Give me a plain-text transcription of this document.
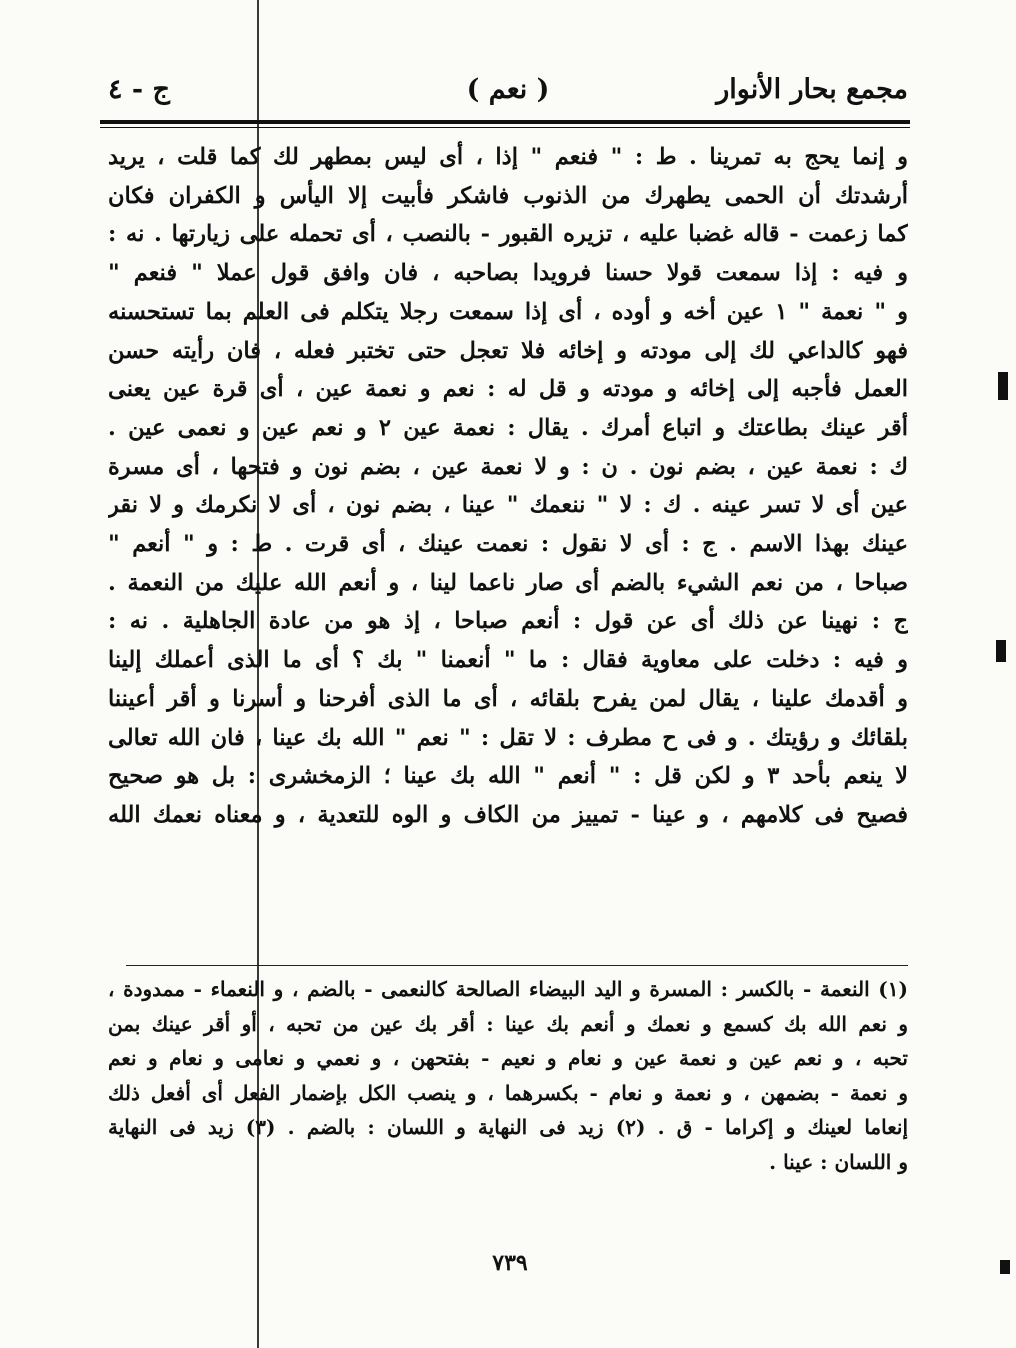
مجمع بحار الأنوار
( نعم )
ج - ٤
و إنما يحج به تمرينا . ط : " فنعم " إذا ، أى ليس بمطهر لك كما قلت ، يريد
أرشدتك أن الحمى يطهرك من الذنوب فاشكر فأبيت إلا اليأس و الكفران فكان
كما زعمت - قاله غضبا عليه ، تزيره القبور - بالنصب ، أى تحمله على زيارتها . نه :
و فيه : إذا سمعت قولا حسنا فرويدا بصاحبه ، فان وافق قول عملا " فنعم "
و " نعمة " ١ عين أخه و أوده ، أى إذا سمعت رجلا يتكلم فى العلم بما تستحسنه
فهو كالداعي لك إلى مودته و إخائه فلا تعجل حتى تختبر فعله ، فان رأيته حسن
العمل فأجبه إلى إخائه و مودته و قل له : نعم و نعمة عين ، أى قرة عين يعنى
أقر عينك بطاعتك و اتباع أمرك . يقال : نعمة عين ٢ و نعم عين و نعمى عين .
ك : نعمة عين ، بضم نون . ن : و لا نعمة عين ، بضم نون و فتحها ، أى مسرة
عين أى لا تسر عينه . ك : لا " ننعمك " عينا ، بضم نون ، أى لا نكرمك و لا نقر
عينك بهذا الاسم . ج : أى لا نقول : نعمت عينك ، أى قرت . ط : و " أنعم "
صباحا ، من نعم الشيء بالضم أى صار ناعما لينا ، و أنعم الله عليك من النعمة .
ج : نهينا عن ذلك أى عن قول : أنعم صباحا ، إذ هو من عادة الجاهلية . نه :
و فيه : دخلت على معاوية فقال : ما " أنعمنا " بك ؟ أى ما الذى أعملك إلينا
و أقدمك علينا ، يقال لمن يفرح بلقائه ، أى ما الذى أفرحنا و أسرنا و أقر أعيننا
بلقائك و رؤيتك . و فى ح مطرف : لا تقل : " نعم " الله بك عينا ، فان الله تعالى
لا ينعم بأحد ٣ و لكن قل : " أنعم " الله بك عينا ؛ الزمخشرى : بل هو صحيح
فصيح فى كلامهم ، و عينا - تمييز من الكاف و الوه للتعدية ، و معناه نعمك الله
(١) النعمة - بالكسر : المسرة و اليد البيضاء الصالحة كالنعمى - بالضم ، و النعماء - ممدودة ،
و نعم الله بك كسمع و نعمك و أنعم بك عينا : أقر بك عين من تحبه ، أو أقر عينك بمن
تحبه ، و نعم عين و نعمة عين و نعام و نعيم - بفتحهن ، و نعمي و نعامى و نعام و نعم
و نعمة - بضمهن ، و نعمة و نعام - بكسرهما ، و ينصب الكل بإضمار الفعل أى أفعل ذلك
إنعاما لعينك و إكراما - ق . (٢) زيد فى النهاية و اللسان : بالضم . (٣) زيد فى النهاية
و اللسان : عينا .
٧٣٩
